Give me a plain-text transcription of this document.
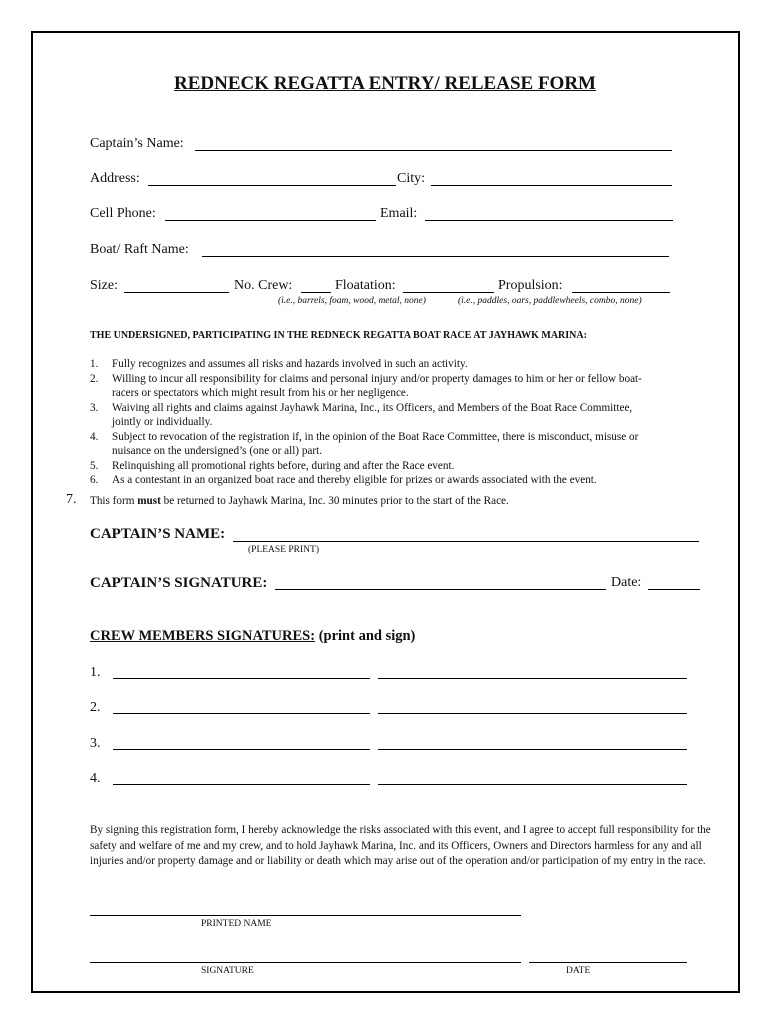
REDNECK REGATTA ENTRY/ RELEASE FORM
Captain’s Name:
Address:	City:
Cell Phone:	Email:
Boat/ Raft Name:
Size:	No. Crew:	Floatation:	Propulsion:
(i.e., barrels, foam, wood, metal, none)	(i.e., paddles, oars, paddlewheels, combo, none)
THE UNDERSIGNED, PARTICIPATING IN THE REDNECK REGATTA BOAT RACE AT JAYHAWK MARINA:
1. Fully recognizes and assumes all risks and hazards involved in such an activity.
2. Willing to incur all responsibility for claims and personal injury and/or property damages to him or her or fellow boat-
racers or spectators which might result from his or her negligence.
3. Waiving all rights and claims against Jayhawk Marina, Inc., its Officers, and Members of the Boat Race Committee,
jointly or individually.
4. Subject to revocation of the registration if, in the opinion of the Boat Race Committee, there is misconduct, misuse or
nuisance on the undersigned’s (one or all) part.
5. Relinquishing all promotional rights before, during and after the Race event.
6. As a contestant in an organized boat race and thereby eligible for prizes or awards associated with the event.
7. This form must be returned to Jayhawk Marina, Inc. 30 minutes prior to the start of the Race.
CAPTAIN’S NAME:
(PLEASE PRINT)
CAPTAIN’S SIGNATURE:	Date:
CREW MEMBERS SIGNATURES: (print and sign)
1.
2.
3.
4.
By signing this registration form, I hereby acknowledge the risks associated with this event, and I agree to accept full responsibility for the safety and welfare of me and my crew, and to hold Jayhawk Marina, Inc. and its Officers, Owners and Directors harmless for any and all injuries and/or property damage and or liability or death which may arise out of the operation and/or participation of my entry in the race.
PRINTED NAME
SIGNATURE	DATE
